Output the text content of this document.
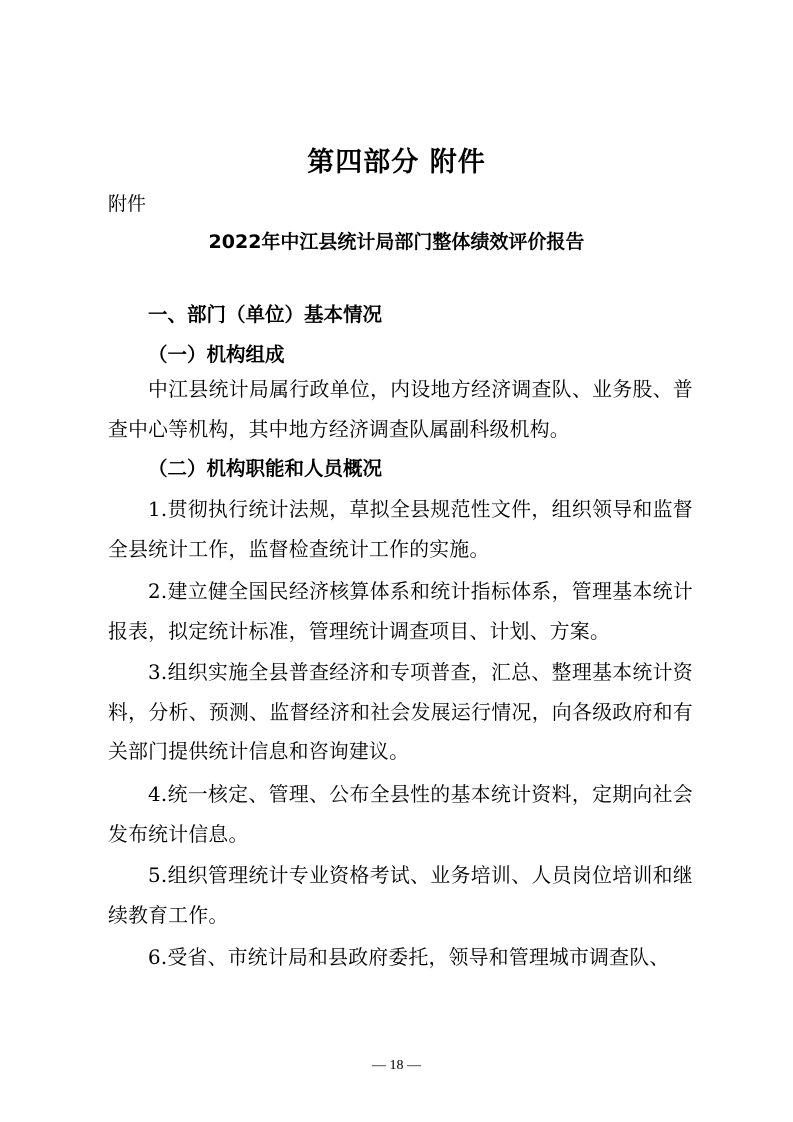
第四部分 附件
附件
2022年中江县统计局部门整体绩效评价报告
一、部门（单位）基本情况
（一）机构组成

中江县统计局属行政单位，内设地方经济调查队、业务股、普查中心等机构，其中地方经济调查队属副科级机构。

（二）机构职能和人员概况

1.贯彻执行统计法规，草拟全县规范性文件，组织领导和监督全县统计工作，监督检查统计工作的实施。

2.建立健全国民经济核算体系和统计指标体系，管理基本统计报表，拟定统计标准，管理统计调查项目、计划、方案。

3.组织实施全县普查经济和专项普查，汇总、整理基本统计资料，分析、预测、监督经济和社会发展运行情况，向各级政府和有关部门提供统计信息和咨询建议。

4.统一核定、管理、公布全县性的基本统计资料，定期向社会发布统计信息。

5.组织管理统计专业资格考试、业务培训、人员岗位培训和继续教育工作。

6.受省、市统计局和县政府委托，领导和管理城市调查队、

— 18 —
